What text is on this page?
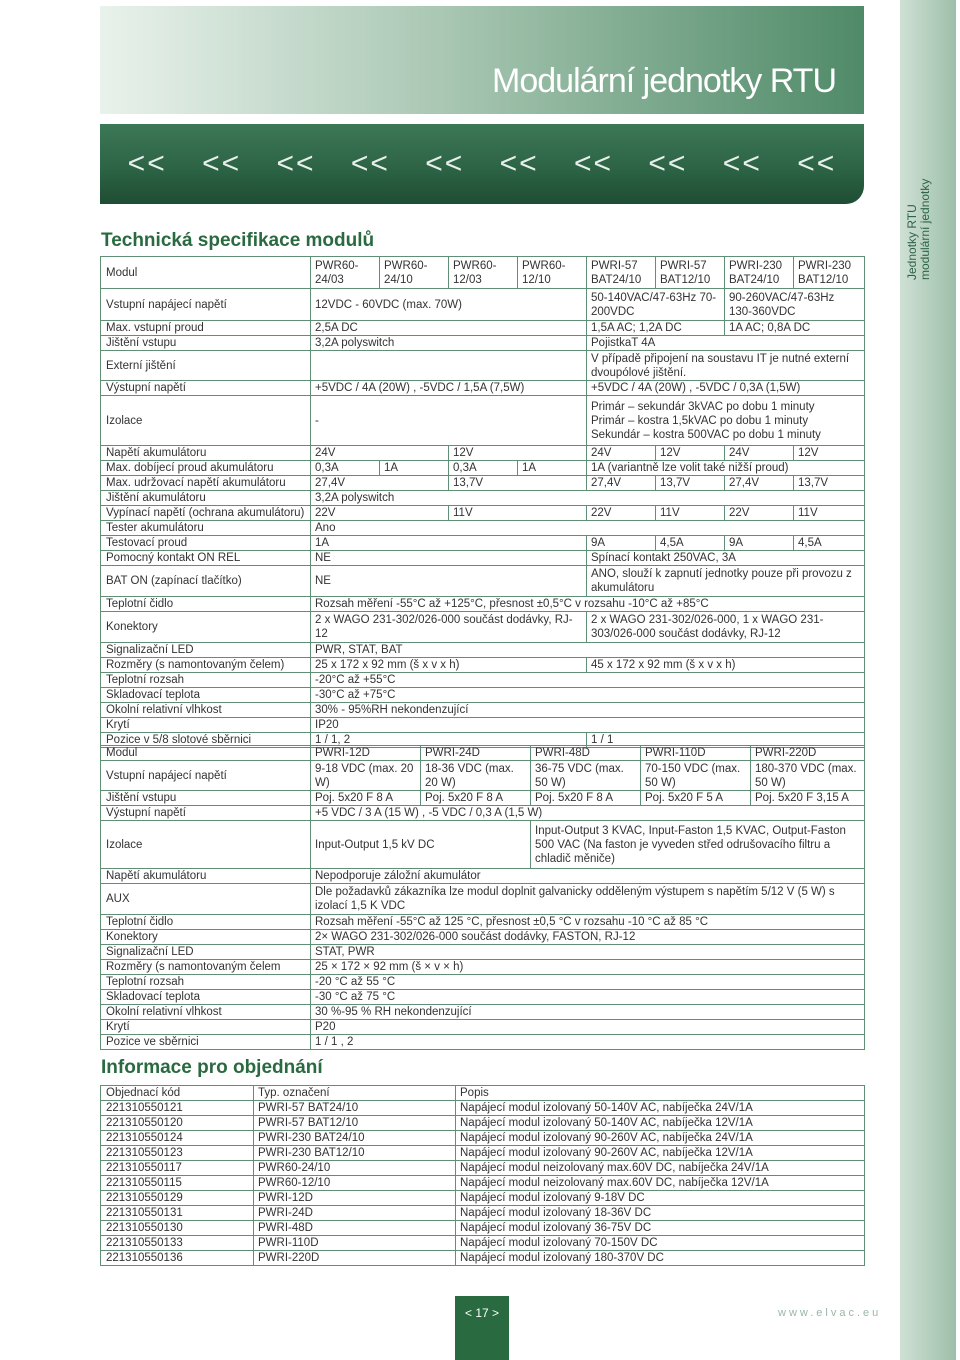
Modulární jednotky RTU
<< << << << << << << << << <<
Jednotky RTU modulární jednotky
Technická specifikace modulů
Modul	PWR60-24/03	PWR60-24/10	PWR60-12/03	PWR60-12/10	PWRI-57 BAT24/10	PWRI-57 BAT12/10	PWRI-230 BAT24/10	PWRI-230 BAT12/10
Vstupní napájecí napětí	12VDC - 60VDC (max. 70W)				50-140VAC/47-63Hz 70-200VDC		90-260VAC/47-63Hz 130-360VDC	
Max. vstupní proud	2,5A DC				1,5A AC; 1,2A DC		1A AC; 0,8A DC	
Jištění vstupu	3,2A polyswitch				PojistkaT 4A			
Externí jištění					V případě připojení na soustavu IT je nutné externí dvoupólové jištění.			
Výstupní napětí	+5VDC / 4A (20W) , -5VDC / 1,5A (7,5W)				+5VDC / 4A (20W) , -5VDC / 0,3A (1,5W)			
Izolace	-				Primár – sekundár 3kVAC po dobu 1 minuty
Primár – kostra 1,5kVAC po dobu 1 minuty
Sekundár – kostra 500VAC po dobu 1 minuty			

Napětí akumulátoru	24V		12V		24V	12V	24V	12V
Max. dobíjecí proud akumulátoru	0,3A	1A	0,3A	1A	1A (variantně lze volit také nižší proud)			
Max. udržovací napětí akumulátoru	27,4V		13,7V		27,4V	13,7V	27,4V	13,7V
Jištění akumulátoru	3,2A polyswitch							
Vypínací napětí (ochrana akumulátoru)	22V		11V		22V	11V	22V	11V
Tester akumulátoru	Ano							
Testovací proud	1A				9A	4,5A	9A	4,5A
Pomocný kontakt ON REL	NE				Spínací kontakt 250VAC, 3A			
BAT ON (zapínací tlačítko)	NE				ANO, slouží k zapnutí jednotky pouze při provozu z akumulátoru			
Teplotní čidlo	Rozsah měření -55°C až +125°C, přesnost ±0,5°C v rozsahu -10°C až +85°C							
Konektory	2 x WAGO 231-302/026-000 součást dodávky, RJ-12				2 x WAGO 231-302/026-000, 1 x WAGO 231-303/026-000 součást dodávky, RJ-12			
Signalizační LED	PWR, STAT, BAT							
Rozměry (s namontovaným čelem)	25 x 172 x 92 mm (š x v x h)				45 x 172 x 92 mm (š x v x h)			
Teplotní rozsah	-20°C až +55°C							
Skladovací teplota	-30°C až +75°C							
Okolní relativní vlhkost	30% - 95%RH nekondenzující							
Krytí	IP20							
Pozice v 5/8 slotové sběrnici	1 / 1, 2				1 / 1			
Modul	PWRI-12D	PWRI-24D	PWRI-48D	PWRI-110D	PWRI-220D
Vstupní napájecí napětí	9-18 VDC (max. 20 W)	18-36 VDC (max. 20 W)	36-75 VDC (max. 50 W)	70-150 VDC (max. 50 W)	180-370 VDC (max. 50 W)
Jištění vstupu	Poj. 5x20 F 8 A	Poj. 5x20 F 8 A	Poj. 5x20 F 8 A	Poj. 5x20 F 5 A	Poj. 5x20 F 3,15 A
Výstupní napětí	+5 VDC / 3 A (15 W) , -5 VDC / 0,3 A (1,5 W)				
Izolace	Input-Output 1,5 kV DC		Input-Output 3 KVAC, Input-Faston 1,5 KVAC, Output-Faston 500 VAC (Na faston je vyveden střed odrušovacího filtru a chladič měniče)		
Napětí akumulátoru	Nepodporuje záložní akumulátor				
AUX	Dle požadavků zákazníka lze modul doplnit galvanicky odděleným výstupem s napětím 5/12 V (5 W) s izolací 1,5 K VDC				
Teplotní čidlo	Rozsah měření -55°C až 125 °C, přesnost ±0,5 °C v rozsahu -10 °C až 85 °C				
Konektory	2× WAGO 231-302/026-000 součást dodávky, FASTON, RJ-12				
Signalizační LED	STAT, PWR				
Rozměry (s namontovaným čelem	25 × 172 × 92 mm (š × v × h)				
Teplotní rozsah	-20 °C až 55 °C				
Skladovací teplota	-30 °C až 75 °C				
Okolní relativní vlhkost	30 %-95 % RH nekondenzující				
Krytí	P20				
Pozice ve sběrnici	1 / 1 , 2				
Informace pro objednání
Objednací kód	Typ. označení	Popis
221310550121	PWRI-57 BAT24/10	Napájecí modul izolovaný 50-140V AC, nabíječka 24V/1A
221310550120	PWRI-57 BAT12/10	Napájecí modul izolovaný 50-140V AC, nabíječka 12V/1A
221310550124	PWRI-230 BAT24/10	Napájecí modul izolovaný 90-260V AC, nabíječka 24V/1A
221310550123	PWRI-230 BAT12/10	Napájecí modul izolovaný 90-260V AC, nabíječka 12V/1A
221310550117	PWR60-24/10	Napájecí modul neizolovaný max.60V DC, nabíječka 24V/1A
221310550115	PWR60-12/10	Napájecí modul neizolovaný max.60V DC, nabíječka 12V/1A
221310550129	PWRI-12D	Napájecí modul izolovaný 9-18V DC
221310550131	PWRI-24D	Napájecí modul izolovaný 18-36V DC
221310550130	PWRI-48D	Napájecí modul izolovaný 36-75V DC
221310550133	PWRI-110D	Napájecí modul izolovaný 70-150V DC
221310550136	PWRI-220D	Napájecí modul izolovaný 180-370V DC
< 17 >	www.elvac.eu
